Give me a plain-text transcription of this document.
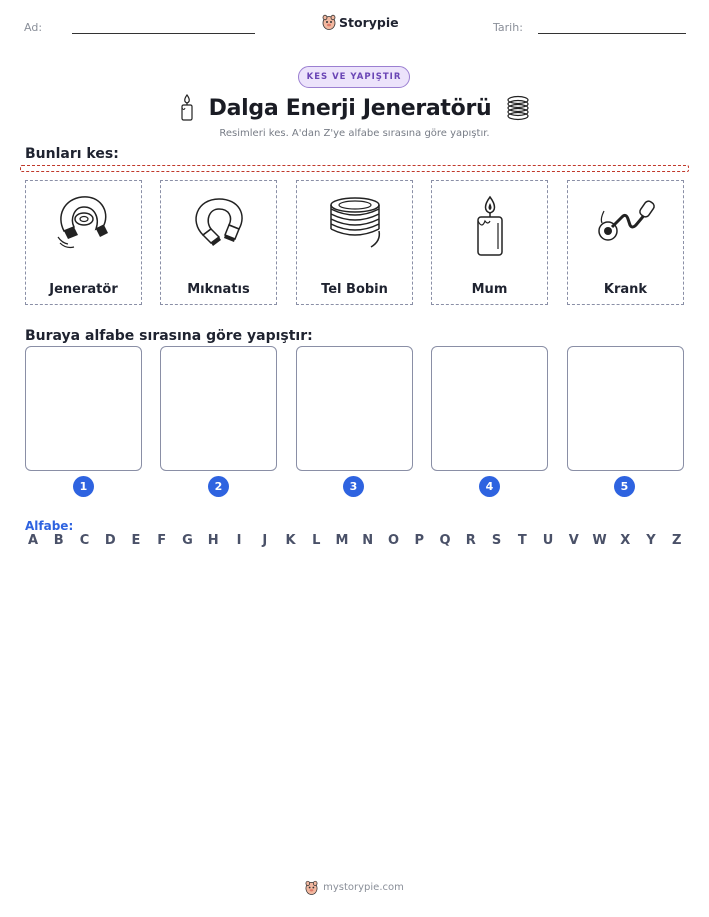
Ad:	Storypie	Tarih:
KES VE YAPIŞTIR
Dalga Enerji Jeneratörü
Resimleri kes. A'dan Z'ye alfabe sırasına göre yapıştır.
Bunları kes:
Jeneratör	Mıknatıs	Tel Bobin	Mum	Krank
Buraya alfabe sırasına göre yapıştır:
1	2	3	4	5
Alfabe:
A B C D E F G H	I	J	K L M N O P Q R S T U V W X Y Z
mystorypie.com
